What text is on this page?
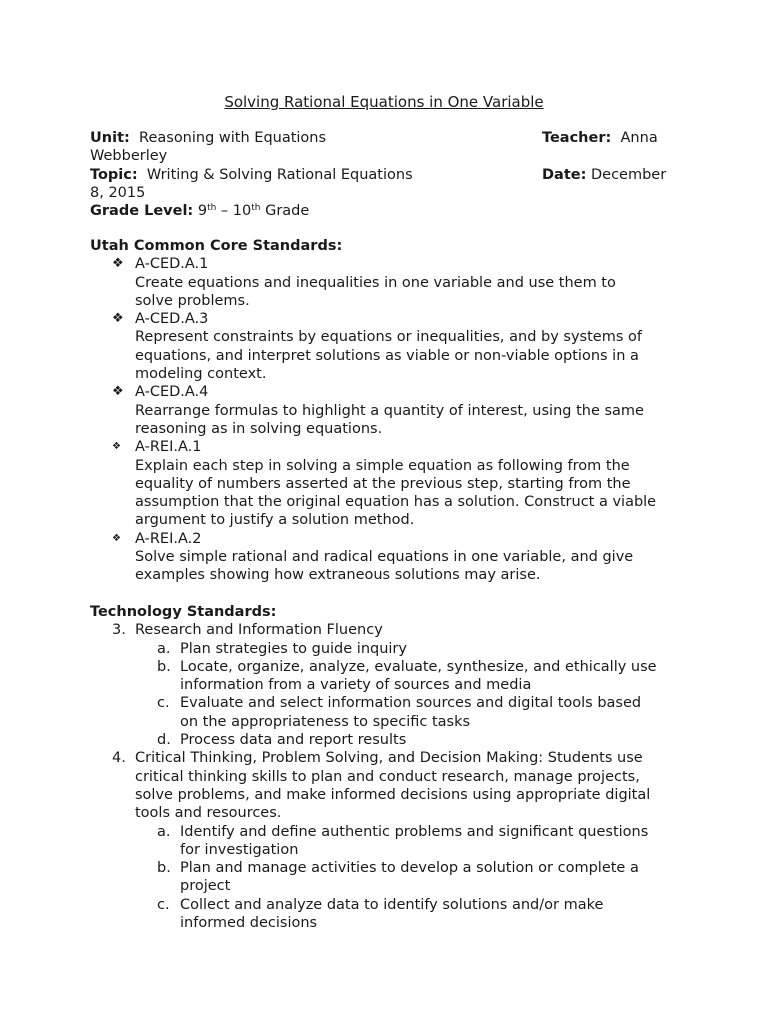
Solving Rational Equations in One Variable
Unit: Reasoning with Equations	Teacher: Anna
Webberley
Topic: Writing & Solving Rational Equations	Date: December
8, 2015
Grade Level: 9th – 10th Grade
Utah Common Core Standards:
❖ A-CED.A.1
Create equations and inequalities in one variable and use them to
solve problems.
❖ A-CED.A.3
Represent constraints by equations or inequalities, and by systems of
equations, and interpret solutions as viable or non-viable options in a
modeling context.
❖ A-CED.A.4
Rearrange formulas to highlight a quantity of interest, using the same
reasoning as in solving equations.
❖ A-REI.A.1
Explain each step in solving a simple equation as following from the
equality of numbers asserted at the previous step, starting from the
assumption that the original equation has a solution. Construct a viable
argument to justify a solution method.
❖ A-REI.A.2
Solve simple rational and radical equations in one variable, and give
examples showing how extraneous solutions may arise.
Technology Standards:
3. Research and Information Fluency
a. Plan strategies to guide inquiry
b. Locate, organize, analyze, evaluate, synthesize, and ethically use
information from a variety of sources and media
c. Evaluate and select information sources and digital tools based
on the appropriateness to specific tasks
d. Process data and report results
4. Critical Thinking, Problem Solving, and Decision Making: Students use
critical thinking skills to plan and conduct research, manage projects,
solve problems, and make informed decisions using appropriate digital
tools and resources.
a. Identify and define authentic problems and significant questions
for investigation
b. Plan and manage activities to develop a solution or complete a
project
c. Collect and analyze data to identify solutions and/or make
informed decisions
